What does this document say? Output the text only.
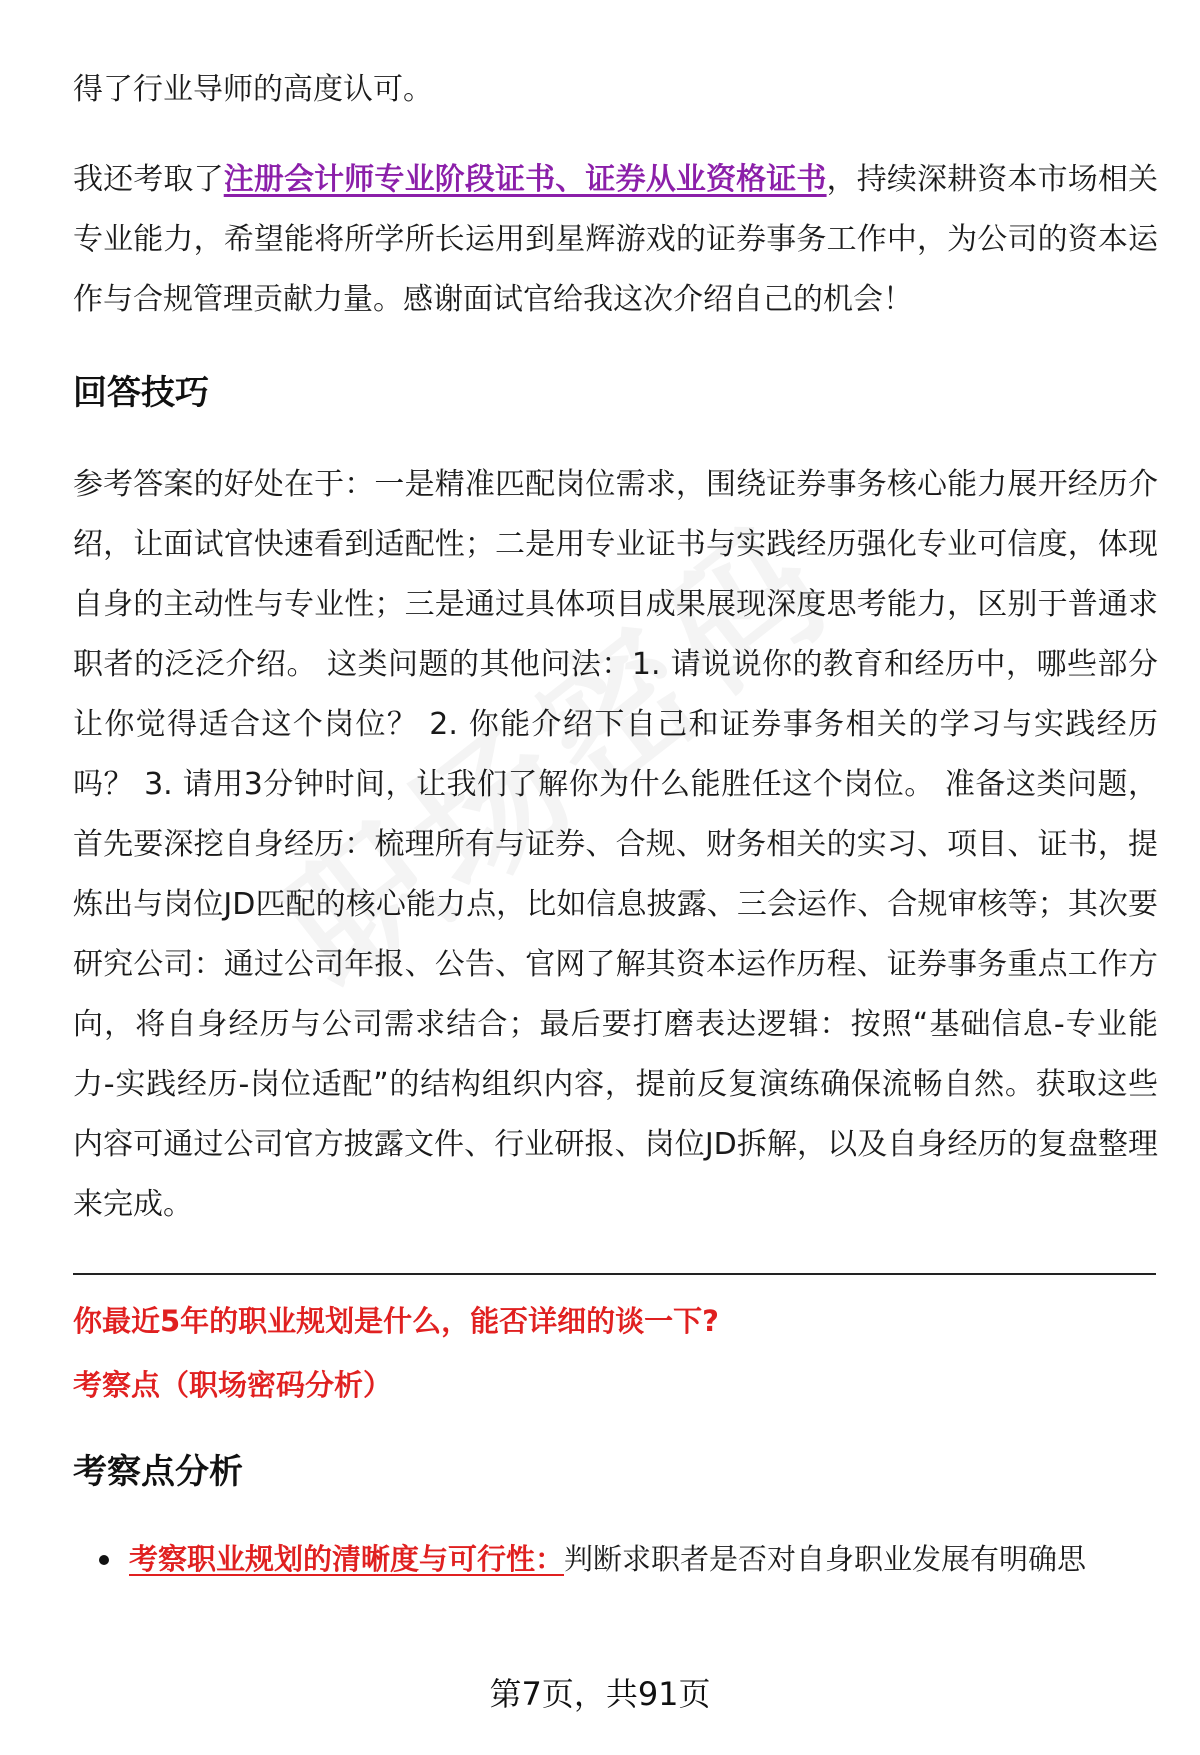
得了行业导师的高度认可。

我还考取了注册会计师专业阶段证书、证券从业资格证书，持续深耕资本市场相关专业能力，希望能将所学所长运用到星辉游戏的证券事务工作中，为公司的资本运作与合规管理贡献力量。感谢面试官给我这次介绍自己的机会！

回答技巧

参考答案的好处在于：一是精准匹配岗位需求，围绕证券事务核心能力展开经历介绍，让面试官快速看到适配性；二是用专业证书与实践经历强化专业可信度，体现自身的主动性与专业性；三是通过具体项目成果展现深度思考能力，区别于普通求职者的泛泛介绍。 这类问题的其他问法：1. 请说说你的教育和经历中，哪些部分让你觉得适合这个岗位？ 2. 你能介绍下自己和证券事务相关的学习与实践经历吗？ 3. 请用3分钟时间，让我们了解你为什么能胜任这个岗位。 准备这类问题，首先要深挖自身经历：梳理所有与证券、合规、财务相关的实习、项目、证书，提炼出与岗位JD匹配的核心能力点，比如信息披露、三会运作、合规审核等；其次要研究公司：通过公司年报、公告、官网了解其资本运作历程、证券事务重点工作方向，将自身经历与公司需求结合；最后要打磨表达逻辑：按照“基础信息-专业能力-实践经历-岗位适配”的结构组织内容，提前反复演练确保流畅自然。获取这些内容可通过公司官方披露文件、行业研报、岗位JD拆解，以及自身经历的复盘整理来完成。

你最近5年的职业规划是什么，能否详细的谈一下?

考察点（职场密码分析）

考察点分析
考察职业规划的清晰度与可行性：判断求职者是否对自身职业发展有明确思
第7页，共91页
